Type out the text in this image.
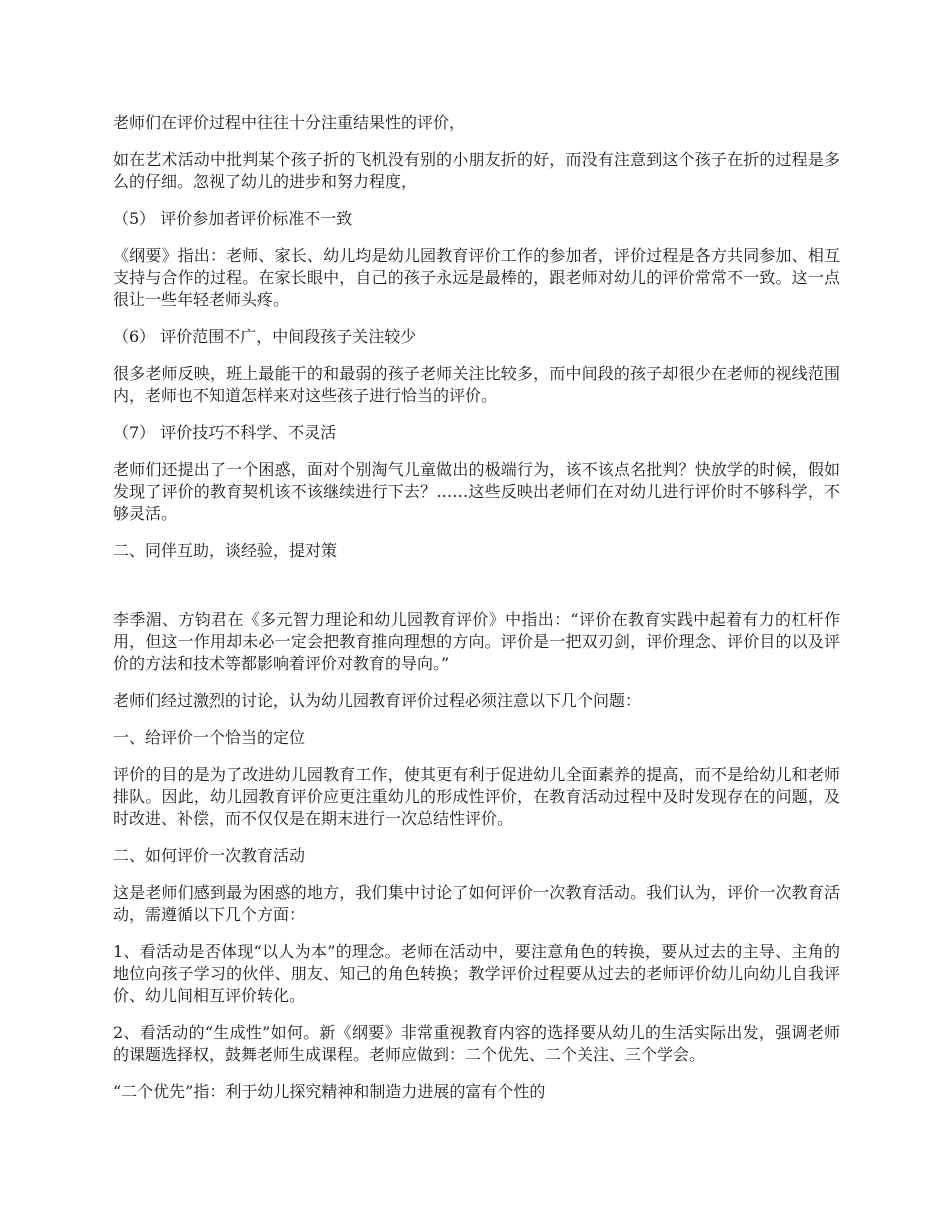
老师们在评价过程中往往十分注重结果性的评价，

如在艺术活动中批判某个孩子折的飞机没有别的小朋友折的好，而没有注意到这个孩子在折的过程是多么的仔细。忽视了幼儿的进步和努力程度，

（5） 评价参加者评价标准不一致

《纲要》指出：老师、家长、幼儿均是幼儿园教育评价工作的参加者，评价过程是各方共同参加、相互支持与合作的过程。在家长眼中，自己的孩子永远是最棒的，跟老师对幼儿的评价常常不一致。这一点很让一些年轻老师头疼。

（6） 评价范围不广，中间段孩子关注较少

很多老师反映，班上最能干的和最弱的孩子老师关注比较多，而中间段的孩子却很少在老师的视线范围内，老师也不知道怎样来对这些孩子进行恰当的评价。

（7） 评价技巧不科学、不灵活

老师们还提出了一个困惑，面对个别淘气儿童做出的极端行为，该不该点名批判？快放学的时候，假如发现了评价的教育契机该不该继续进行下去？……这些反映出老师们在对幼儿进行评价时不够科学，不够灵活。

二、同伴互助，谈经验，提对策

李季湄、方钧君在《多元智力理论和幼儿园教育评价》中指出：“评价在教育实践中起着有力的杠杆作用，但这一作用却未必一定会把教育推向理想的方向。评价是一把双刃剑，评价理念、评价目的以及评价的方法和技术等都影响着评价对教育的导向。”

老师们经过激烈的讨论，认为幼儿园教育评价过程必须注意以下几个问题：

一、给评价一个恰当的定位

评价的目的是为了改进幼儿园教育工作，使其更有利于促进幼儿全面素养的提高，而不是给幼儿和老师排队。因此，幼儿园教育评价应更注重幼儿的形成性评价，在教育活动过程中及时发现存在的问题，及时改进、补偿，而不仅仅是在期末进行一次总结性评价。

二、如何评价一次教育活动

这是老师们感到最为困惑的地方，我们集中讨论了如何评价一次教育活动。我们认为，评价一次教育活动，需遵循以下几个方面：

1、看活动是否体现“以人为本”的理念。老师在活动中，要注意角色的转换，要从过去的主导、主角的地位向孩子学习的伙伴、朋友、知己的角色转换；教学评价过程要从过去的老师评价幼儿向幼儿自我评价、幼儿间相互评价转化。

2、看活动的“生成性”如何。新《纲要》非常重视教育内容的选择要从幼儿的生活实际出发，强调老师的课题选择权，鼓舞老师生成课程。老师应做到：二个优先、二个关注、三个学会。

“二个优先”指：利于幼儿探究精神和制造力进展的富有个性的
